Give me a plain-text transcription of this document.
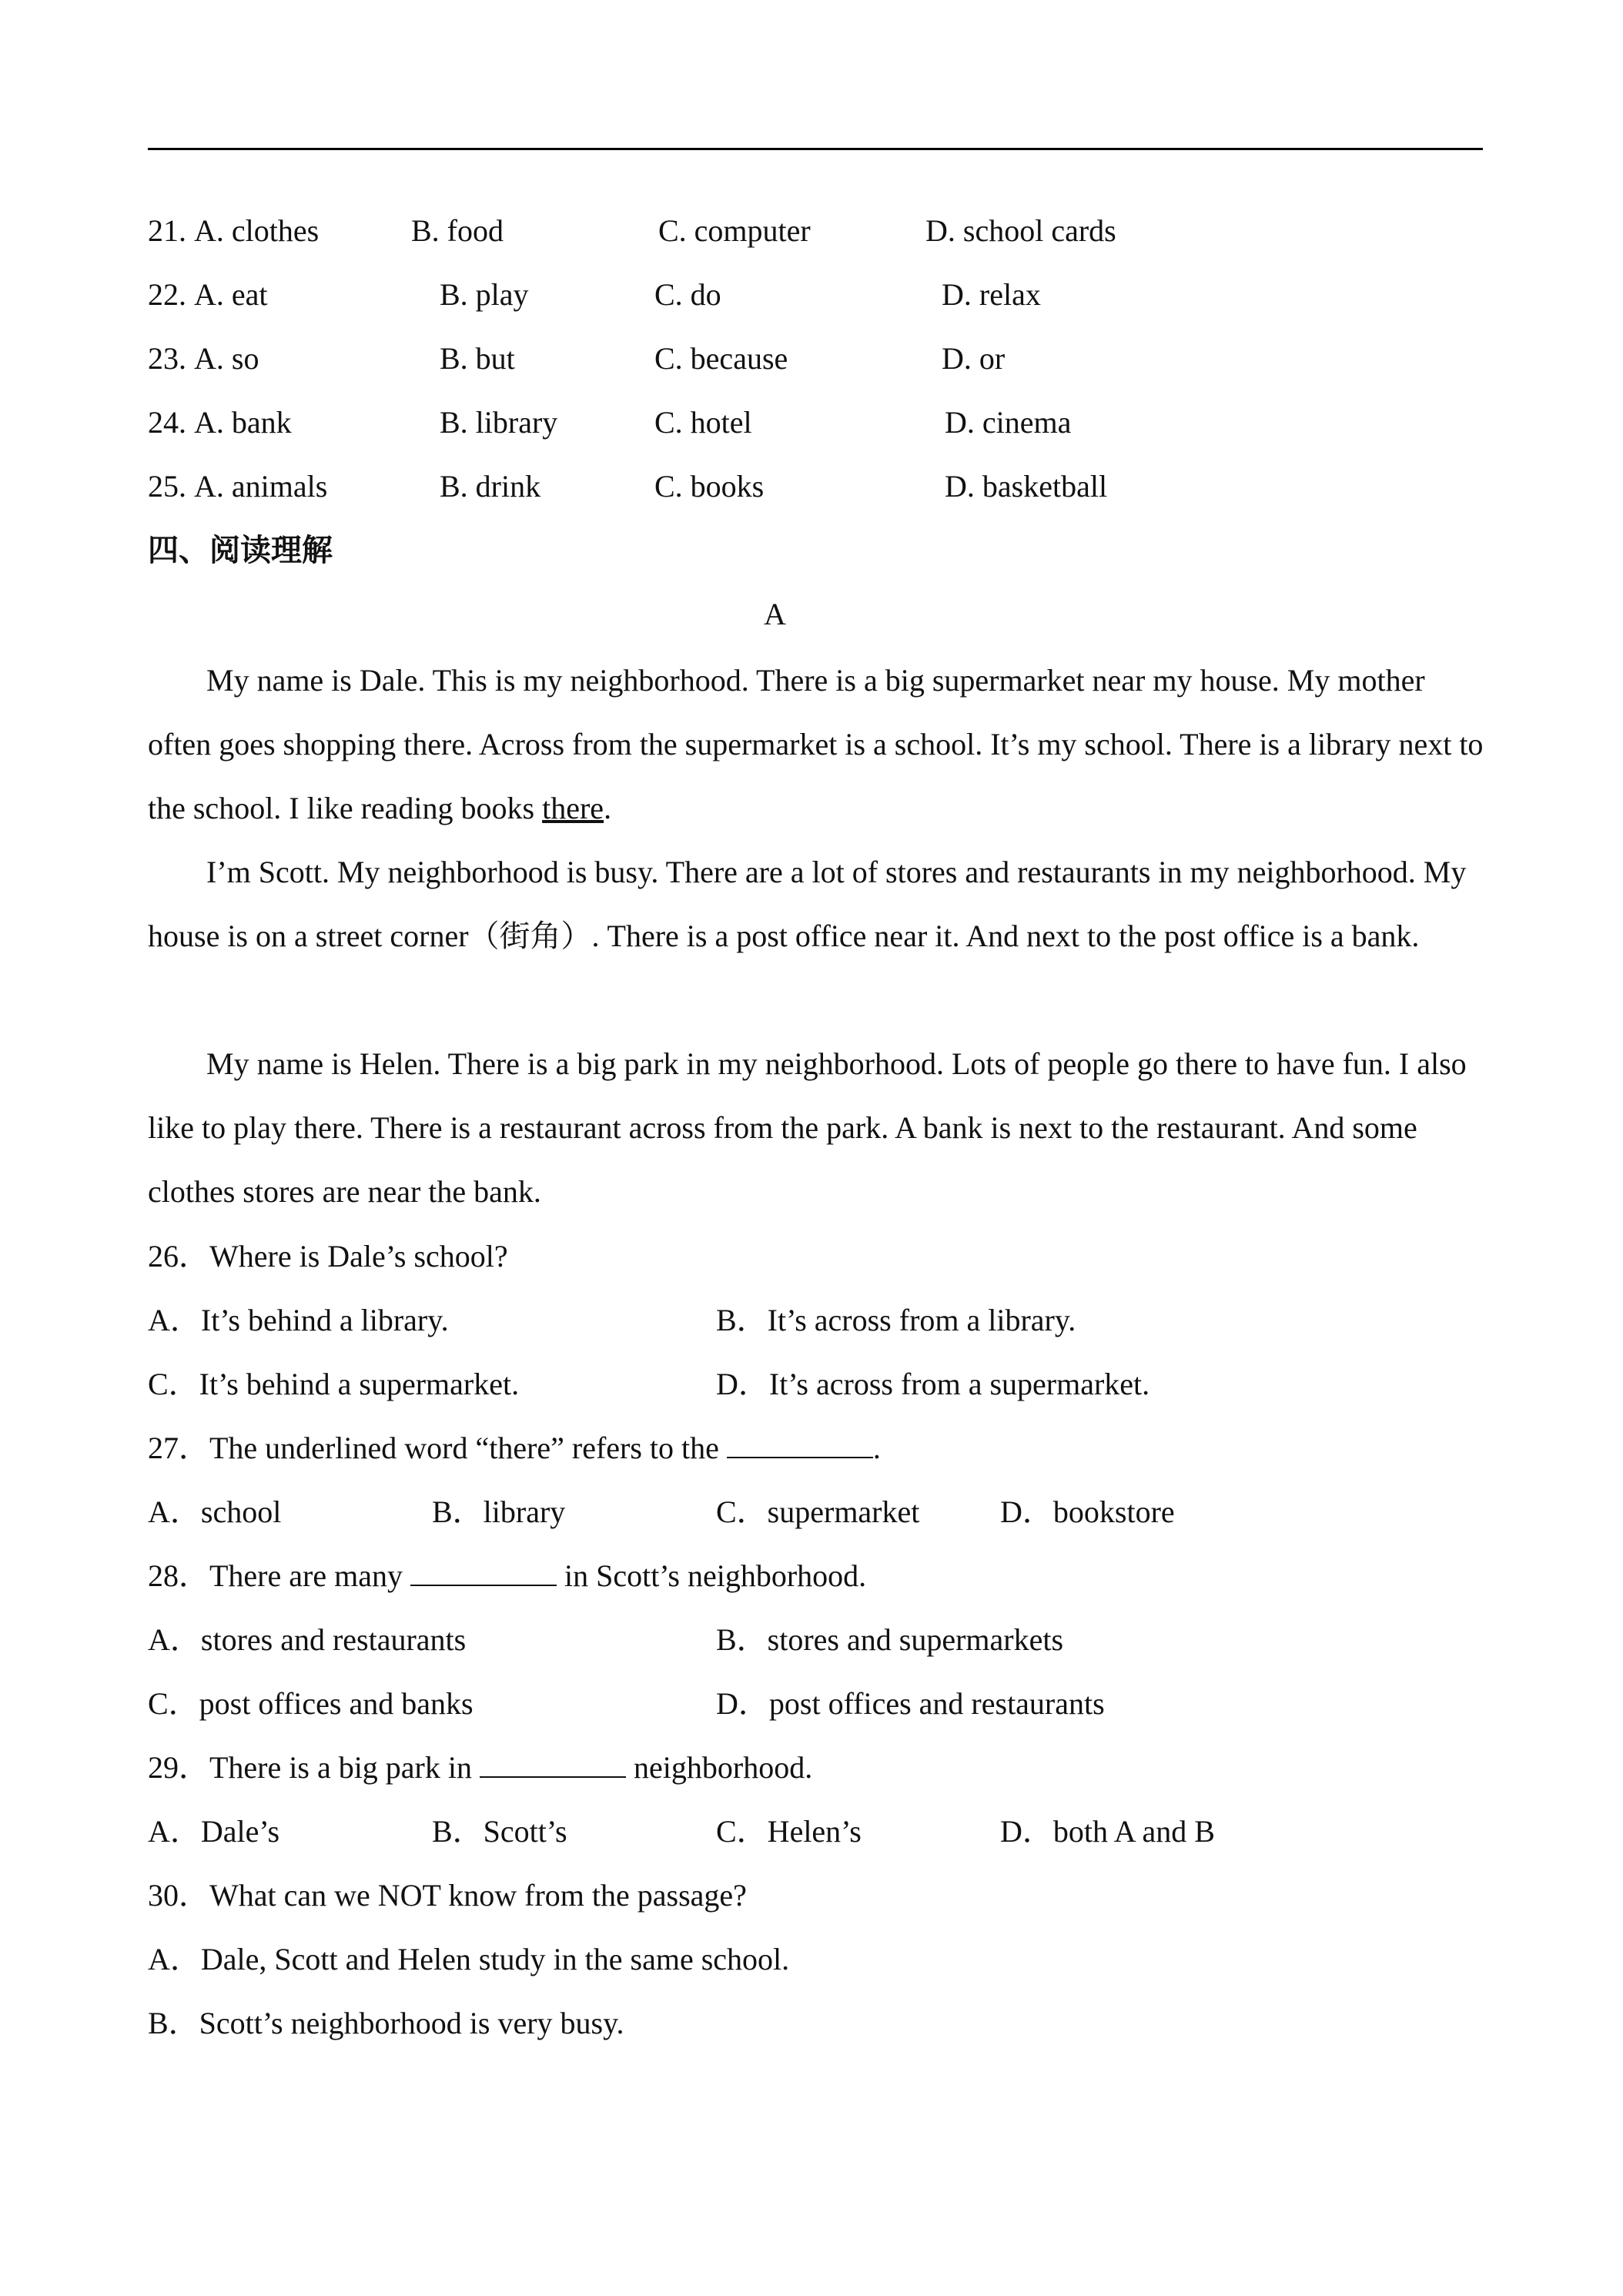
21. A. clothes	B. food	C. computer	D. school cards
22. A. eat	B. play	C. do	D. relax
23. A. so	B. but	C. because	D. or
24. A. bank	B. library	C. hotel	D. cinema
25. A. animals	B. drink	C. books	D. basketball
四、阅读理解
A

My name is Dale. This is my neighborhood. There is a big supermarket near my house. My mother often goes shopping there. Across from the supermarket is a school. It’s my school. There is a library next to the school. I like reading books there.

I’m Scott. My neighborhood is busy. There are a lot of stores and restaurants in my neighborhood. My house is on a street corner（街角）. There is a post office near it. And next to the post office is a bank.

My name is Helen. There is a big park in my neighborhood. Lots of people go there to have fun. I also like to play there. There is a restaurant across from the park. A bank is next to the restaurant. And some clothes stores are near the bank.

26．Where is Dale’s school?
A．It’s behind a library.	B．It’s across from a library.
C．It’s behind a supermarket.	D．It’s across from a supermarket.
27．The underlined word “there” refers to the	.
A．school	B．library	C．supermarket	D．bookstore
28．There are many	in Scott’s neighborhood.
A．stores and restaurants	B．stores and supermarkets
C．post offices and banks	D．post offices and restaurants
29．There is a big park in	neighborhood.
A．Dale’s	B．Scott’s	C．Helen’s	D．both A and B
30．What can we NOT know from the passage?
A．Dale, Scott and Helen study in the same school.
B．Scott’s neighborhood is very busy.
